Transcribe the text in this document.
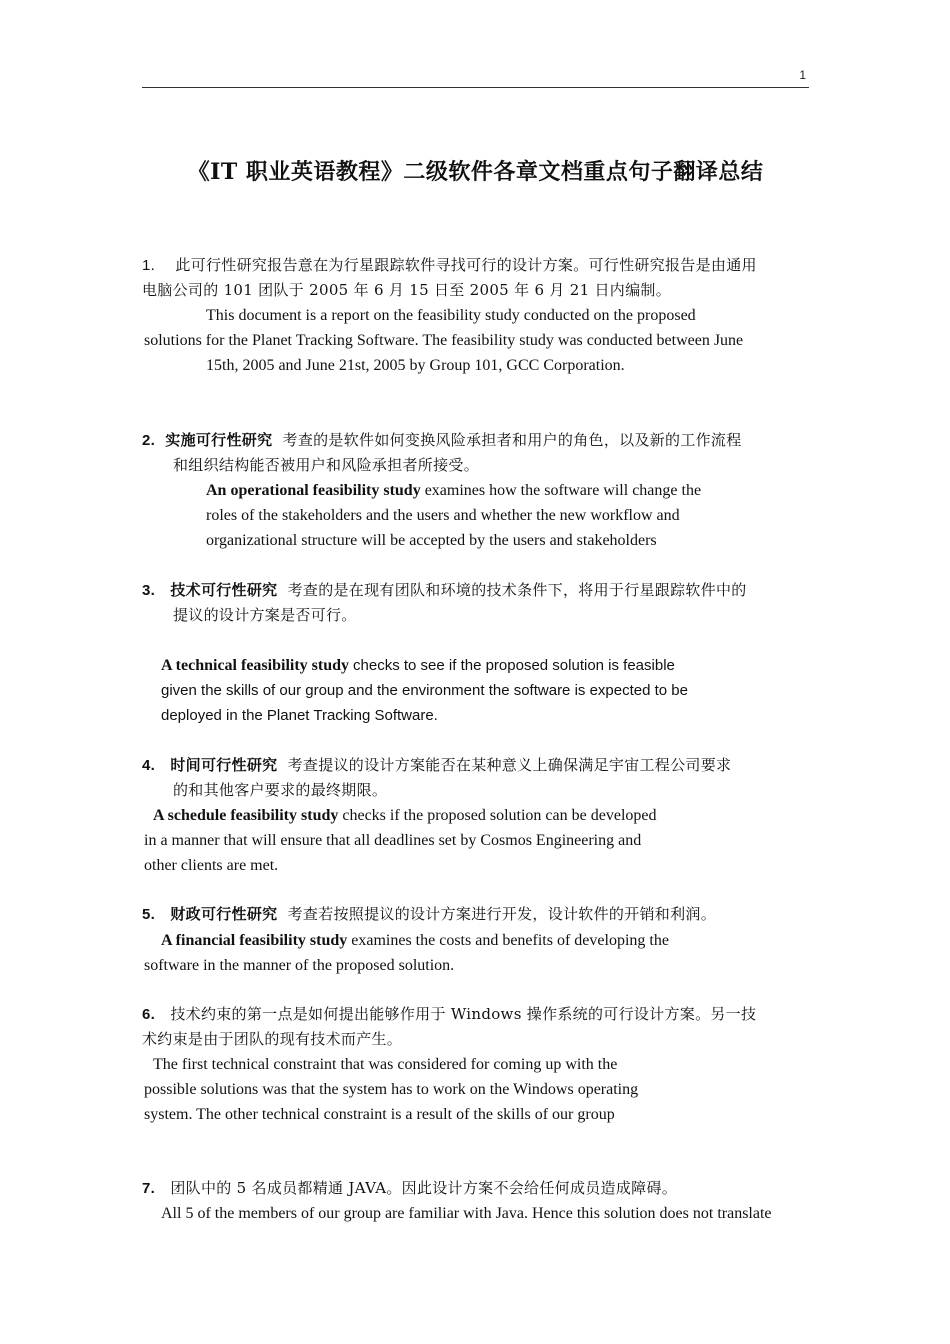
1
《IT 职业英语教程》二级软件各章文档重点句子翻译总结
1. 此可行性研究报告意在为行星跟踪软件寻找可行的设计方案。可行性研究报告是由通用
电脑公司的 101 团队于 2005 年 6 月 15 日至 2005 年 6 月 21 日内编制。
This document is a report on the feasibility study conducted on the proposed
solutions for the Planet Tracking Software. The feasibility study was conducted between June
15th, 2005 and June 21st, 2005 by Group 101, GCC Corporation.
2. 实施可行性研究 考查的是软件如何变换风险承担者和用户的角色，以及新的工作流程
和组织结构能否被用户和风险承担者所接受。
An operational feasibility study examines how the software will change the
roles of the stakeholders and the users and whether the new workflow and
organizational structure will be accepted by the users and stakeholders
3. 技术可行性研究 考查的是在现有团队和环境的技术条件下，将用于行星跟踪软件中的
提议的设计方案是否可行。
A technical feasibility study checks to see if the proposed solution is feasible
given the skills of our group and the environment the software is expected to be
deployed in the Planet Tracking Software.
4. 时间可行性研究 考查提议的设计方案能否在某种意义上确保满足宇宙工程公司要求
的和其他客户要求的最终期限。
A schedule feasibility study checks if the proposed solution can be developed
in a manner that will ensure that all deadlines set by Cosmos Engineering and
other clients are met.
5. 财政可行性研究 考查若按照提议的设计方案进行开发，设计软件的开销和利润。
A financial feasibility study examines the costs and benefits of developing the
software in the manner of the proposed solution.
6. 技术约束的第一点是如何提出能够作用于 Windows 操作系统的可行设计方案。另一技
术约束是由于团队的现有技术而产生。
The first technical constraint that was considered for coming up with the
possible solutions was that the system has to work on the Windows operating
system. The other technical constraint is a result of the skills of our group
7. 团队中的 5 名成员都精通 JAVA。因此设计方案不会给任何成员造成障碍。
All 5 of the members of our group are familiar with Java. Hence this solution does not translate
